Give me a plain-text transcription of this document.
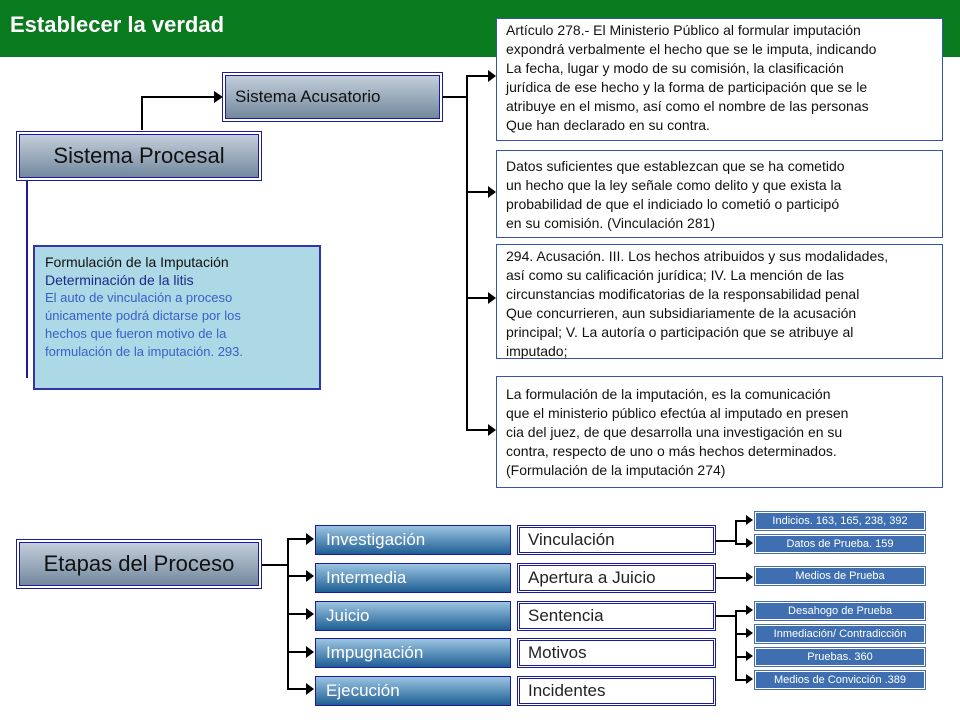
Establecer la verdad
Sistema Acusatorio
Sistema Procesal
Etapas del Proceso
Formulación de la Imputación
Determinación de la litis
El auto de vinculación a proceso
únicamente podrá dictarse por los
hechos que fueron motivo de la
formulación de la imputación. 293.
Artículo 278.- El Ministerio Público al formular imputación
expondrá verbalmente el hecho que se le imputa, indicando
La fecha, lugar y modo de su comisión, la clasificación
jurídica de ese hecho y la forma de participación que se le
atribuye en el mismo, así como el nombre de las personas
Que han declarado en su contra.
Datos suficientes que establezcan que se ha cometido
un hecho que la ley señale como delito y que exista la
probabilidad de que el indiciado lo cometió o participó
en su comisión. (Vinculación 281)
294. Acusación. III. Los hechos atribuidos y sus modalidades,
así como su calificación jurídica; IV. La mención de las
circunstancias modificatorias de la responsabilidad penal
Que concurrieren, aun subsidiariamente de la acusación
principal; V. La autoría o participación que se atribuye al
imputado;
La formulación de la imputación, es la comunicación
que el ministerio público efectúa al imputado en presen
cia del juez, de que desarrolla una investigación en su
contra, respecto de uno o más hechos determinados.
(Formulación de la imputación 274)
Investigación
Intermedia
Juicio
Impugnación
Ejecución
Vinculación
Apertura a Juicio
Sentencia
Motivos
Incidentes
Indicios. 163, 165, 238, 392
Datos de Prueba. 159
Medios de Prueba
Desahogo de Prueba
Inmediación/ Contradicción
Pruebas. 360
Medios de Convicción .389
